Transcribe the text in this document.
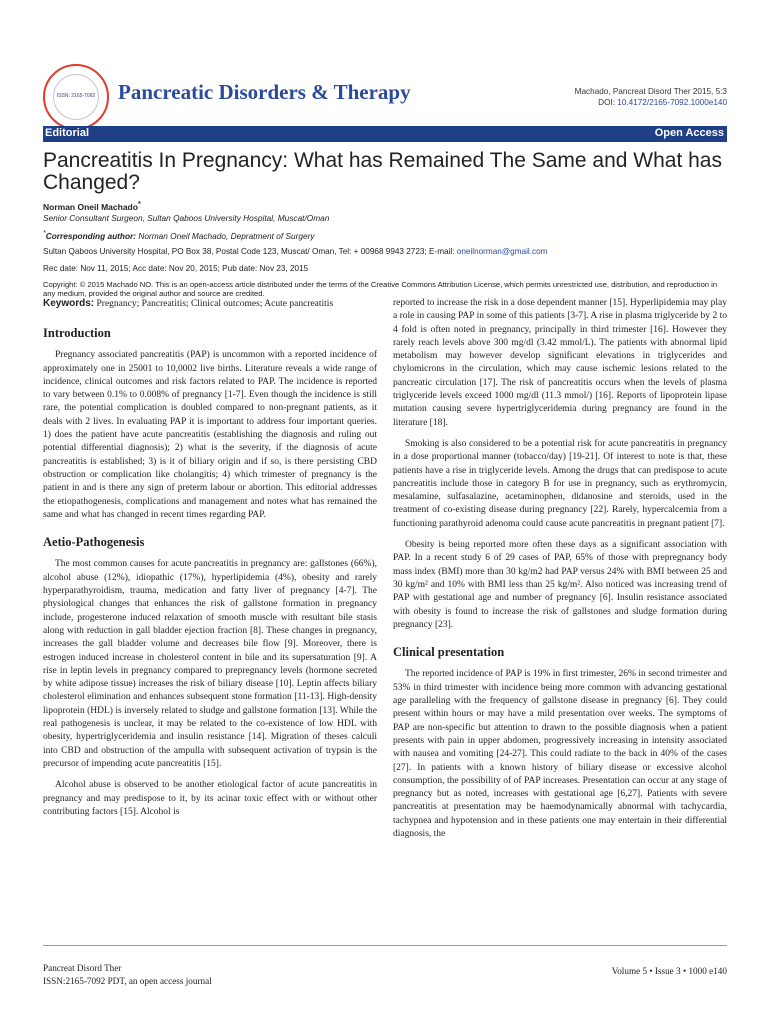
ISSN: 2165-7092	Pancreatic Disorders & Therapy	Machado, Pancreat Disord Ther 2015, 5:3
DOI: 10.4172/2165-7092.1000e140
Editorial	Open Access
Pancreatitis In Pregnancy: What has Remained The Same and What has Changed?
Norman Oneil Machado*
Senior Consultant Surgeon, Sultan Qaboos University Hospital, Muscat/Oman
*Corresponding author: Norman Oneil Machado, Depratment of Surgery
Sultan Qaboos University Hospital, PO Box 38, Postal Code 123, Muscat/ Oman, Tel: + 00968 9943 2723; E-mail: oneilnorman@gmail.com
Rec date: Nov 11, 2015; Acc date: Nov 20, 2015; Pub date: Nov 23, 2015
Copyright: © 2015 Machado NO. This is an open-access article distributed under the terms of the Creative Commons Attribution License, which permits unrestricted use, distribution, and reproduction in any medium, provided the original author and source are credited.
Keywords: Pregnancy; Pancreatitis; Clinical outcomes; Acute pancreatitis
Introduction

Pregnancy associated pancreatitis (PAP) is uncommon with a reported incidence of approximately one in 25001 to 10,0002 live births. Literature reveals a wide range of incidence, clinical outcomes and risk factors related to PAP. The incidence is reported to vary between 0.1% to 0.008% of pregnancy [1-7]. Even though the incidence is still rare, the potential complication is doubled compared to non-pregnant patients, as it deals with 2 lives. In evaluating PAP it is important to address four important queries. 1) does the patient have acute pancreatitis (establishing the diagnosis and ruling out potential differential diagnosis); 2) what is the severity, if the diagnosis of acute pancreatitis is established; 3) is it of biliary origin and if so, is there persisting CBD obstruction or complication like cholangitis; 4) which trimester of pregnancy is the patient in and is there any sign of preterm labour or abortion. This editorial addresses the etiopathogenesis, complications and management and notes what has remained the same and what has changed in recent times regarding PAP.

Aetio-Pathogenesis

The most common causes for acute pancreatitis in pregnancy are: gallstones (66%), alcohol abuse (12%), idiopathic (17%), hyperlipidemia (4%), obesity and rarely hyperparathyroidism, trauma, medication and fatty liver of pregnancy [4-7]. The physiological changes that enhances the risk of gallstone formation in pregnancy include, progesterone induced relaxation of smooth muscle with resultant bile stasis along with reduction in gall bladder ejection fraction [8]. These changes in pregnancy, increases the gall bladder volume and decreases bile flow [9]. Moreover, there is estrogen induced increase in cholesterol content in bile and its supersaturation [9]. A rise in leptin levels in pregnancy compared to prepregnancy levels (hormone secreted by white adipose tissue) increases the risk of biliary disease [10]. Leptin affects biliary cholesterol elimination and enhances subsequent stone formation [11-13]. High-density lipoprotein (HDL) is inversely related to sludge and gallstone formation [13]. While the real pathogenesis is unclear, it may be related to the co-existence of low HDL with obesity, hypertriglyceridemia and insulin resistance [14]. Migration of theses calculi into CBD and obstruction of the ampulla with subsequent activation of trypsin is the precursor of impending acute pancreatitis [15].

Alcohol abuse is observed to be another etiological factor of acute pancreatitis in pregnancy and may predispose to it, by its acinar toxic effect with or without other contributing factors [15]. Alcohol is

reported to increase the risk in a dose dependent manner [15]. Hyperlipidemia may play a role in causing PAP in some of this patients [3-7]. A rise in plasma triglyceride by 2 to 4 fold is often noted in pregnancy, principally in third trimester [16]. However they rarely reach levels above 300 mg/dl (3.42 mmol/L). The patients with abnormal lipid metabolism may however develop significant elevations in triglycerides and chylomicrons in the circulation, which may cause ischemic lesions related to the pancreatic circulation [17]. The risk of pancreatitis occurs when the levels of plasma triglyceride levels exceed 1000 mg/dl (11.3 mmol/) [16]. Reports of lipoprotein lipase mutation causing severe hypertriglyceridemia during pregnancy are found in the literature [18].

Smoking is also considered to be a potential risk for acute pancreatitis in pregnancy in a dose proportional manner (tobacco/day) [19-21]. Of interest to note is that, these patients have a rise in triglyceride levels. Among the drugs that can predispose to acute pancreatitis include those in category B for use in pregnancy, such as erythromycin, mesalamine, sulfasalazine, acetaminophen, didanosine and steroids, used in the treatment of co-existing disease during pregnancy [22]. Rarely, hypercalcemia from a functioning parathyroid adenoma could cause acute pancreatitis in pregnant patient [7].

Obesity is being reported more often these days as a significant association with PAP. In a recent study 6 of 29 cases of PAP, 65% of those with prepregnancy body mass index (BMI) more than 30 kg/m2 had PAP versus 24% with BMI between 25 and 30 kg/m² and 10% with BMI less than 25 kg/m². Also noticed was increasing trend of PAP with gestational age and number of pregnancy [6]. Insulin resistance associated with obesity is found to increase the risk of gallstones and sludge formation during pregnancy [23].

Clinical presentation

The reported incidence of PAP is 19% in first trimester, 26% in second trimester and 53% in third trimester with incidence being more common with advancing gestational age paralleling with the frequency of gallstone disease in pregnancy [6]. They could present within hours or may have a mild presentation over weeks. The symptoms of PAP are non-specific but attention to drawn to the possible diagnosis when a patient presents with pain in upper abdomen, progressively increasing in intensity associated with nausea and vomiting [24-27]. This could radiate to the back in 40% of the cases [27]. In patients with a known history of biliary disease or excessive alcohol consumption, the possibility of of PAP increases. Presentation can occur at any stage of pregnancy but as noted, increases with gestational age [6,27]. Patients with severe pancreatitis at presentation may be haemodynamically abnormal with tachycardia, tachypnea and hypotension and in these patients one may entertain in their differential diagnosis, the

Pancreat Disord Ther
ISSN:2165-7092 PDT, an open access journal
Volume 5 • Issue 3 • 1000 e140
